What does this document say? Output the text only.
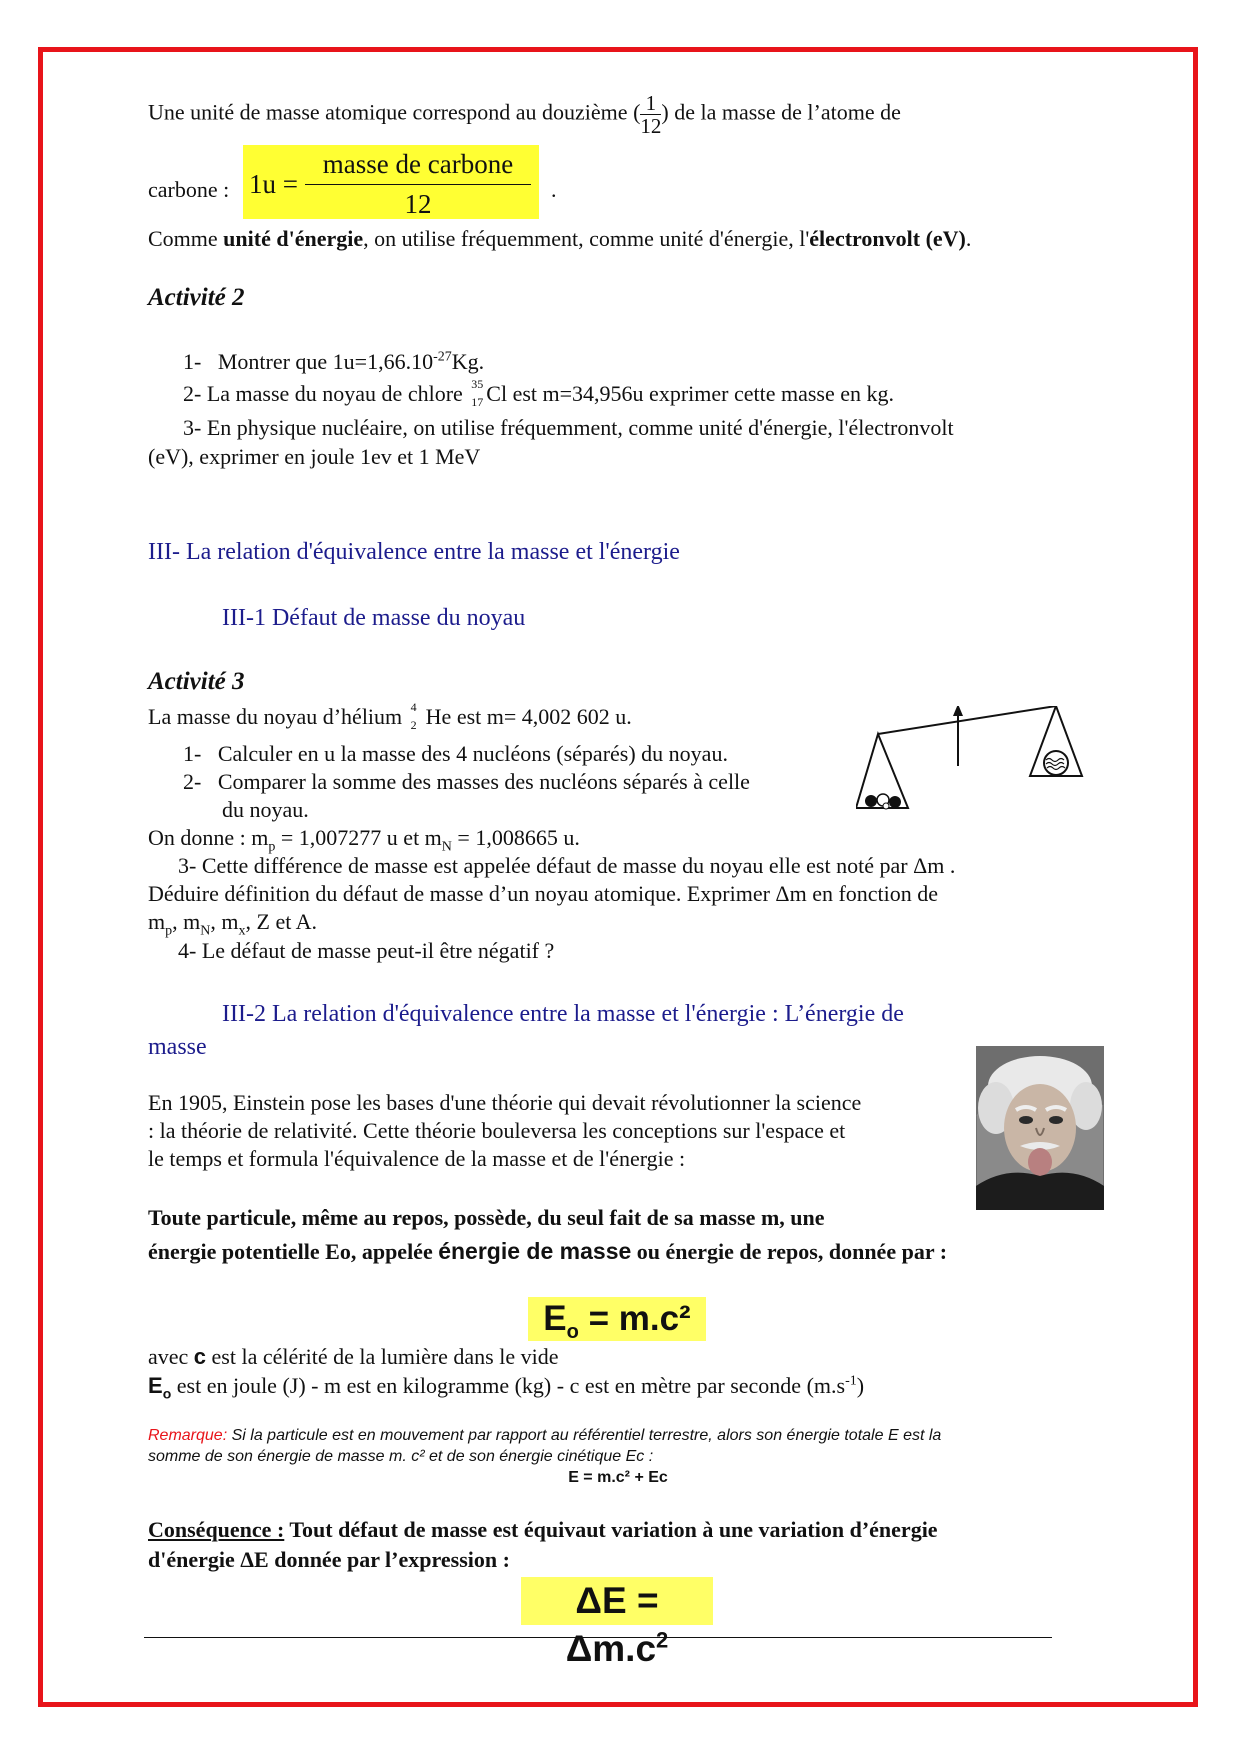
Une unité de masse atomique correspond au douzième ( $\frac{1}{12}$ ) de la masse de l’atome de
carbone : 1u =
masse de carbone
12	.
Comme unité d'énergie, on utilise fréquemment, comme unité d'énergie, l'électronvolt (eV).
Activité 2
1- Montrer que $1u=1,66.10^{-27}Kg$.
2- La masse du noyau de chlore 35
17 Cl est m=34,956u exprimer cette masse en kg.
3- En physique nucléaire, on utilise fréquemment, comme unité d'énergie, l'électronvolt
(eV), exprimer en joule 1ev et 1 MeV
III- La relation d'équivalence entre la masse et l'énergie
III-1 Défaut de masse du noyau
Activité 3
La masse du noyau d’hélium 4
2 He est m= 4,002 602 u.
1- Calculer en u la masse des 4 nucléons (séparés) du noyau.
2- Comparer la somme des masses des nucléons séparés à celle
du noyau.
On donne : $m_p = 1,007277$ u et $m_N = 1,008665$ u.
3- Cette différence de masse est appelée défaut de masse du noyau elle est noté par Δm .
Déduire définition du défaut de masse d’un noyau atomique. Exprimer Δm en fonction de
$m_p$, $m_N$, $m_x$, Z et A.
4- Le défaut de masse peut-il être négatif ?
III-2 La relation d'équivalence entre la masse et l'énergie : L’énergie de
masse
En 1905, Einstein pose les bases d'une théorie qui devait révolutionner la science
: la théorie de relativité. Cette théorie bouleversa les conceptions sur l'espace et
le temps et formula l'équivalence de la masse et de l'énergie :
Toute particule, même au repos, possède, du seul fait de sa masse m, une
énergie potentielle Eo, appelée énergie de masse ou énergie de repos, donnée par :
$E_o = m.c^2$
avec c est la célérité de la lumière dans le vide
$E_o$ est en joule (J) - m est en kilogramme (kg) - c est en mètre par seconde $(m.s^{-1})$
Remarque: Si la particule est en mouvement par rapport au référentiel terrestre, alors son énergie totale E est la
somme de son énergie de masse m. c² et de son énergie cinétique Ec :
E = m.c² + Ec
Conséquence : Tout défaut de masse est équivaut variation à une variation d’énergie
d'énergie ΔE donnée par l’expression :
$\Delta E = \Delta m.c^2$
